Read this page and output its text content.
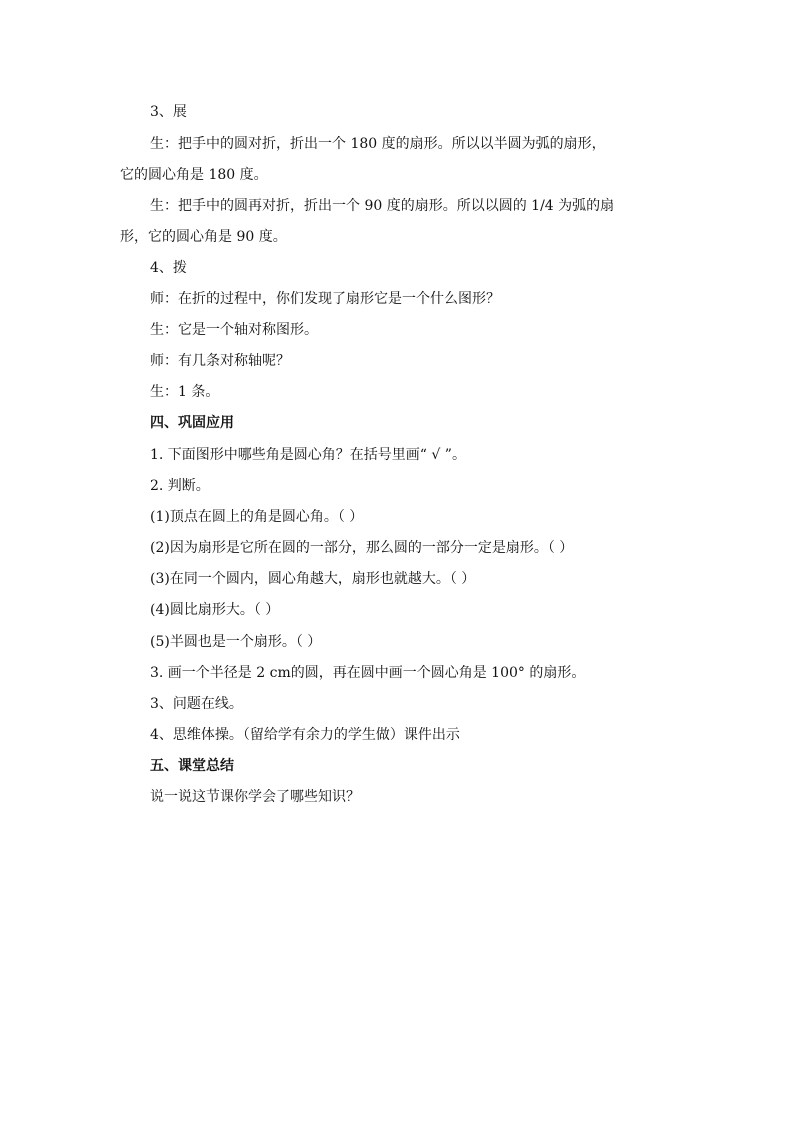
3、展
生：把手中的圆对折，折出一个 180 度的扇形。所以以半圆为弧的扇形，
它的圆心角是 180 度。
生：把手中的圆再对折，折出一个 90 度的扇形。所以以圆的 1/4 为弧的扇
形，它的圆心角是 90 度。
4、拨
师：在折的过程中，你们发现了扇形它是一个什么图形？
生：它是一个轴对称图形。
师：有几条对称轴呢？
生：1 条。
四、巩固应用
1. 下面图形中哪些角是圆心角？在括号里画“ √ ”。
2. 判断。
(1)顶点在圆上的角是圆心角。（ ）
(2)因为扇形是它所在圆的一部分，那么圆的一部分一定是扇形。（ ）
(3)在同一个圆内，圆心角越大，扇形也就越大。（ ）
(4)圆比扇形大。（ ）
(5)半圆也是一个扇形。（ ）
3. 画一个半径是 2 cm的圆，再在圆中画一个圆心角是 100° 的扇形。
3、问题在线。
4、思维体操。（留给学有余力的学生做）课件出示
五、课堂总结
说一说这节课你学会了哪些知识？
